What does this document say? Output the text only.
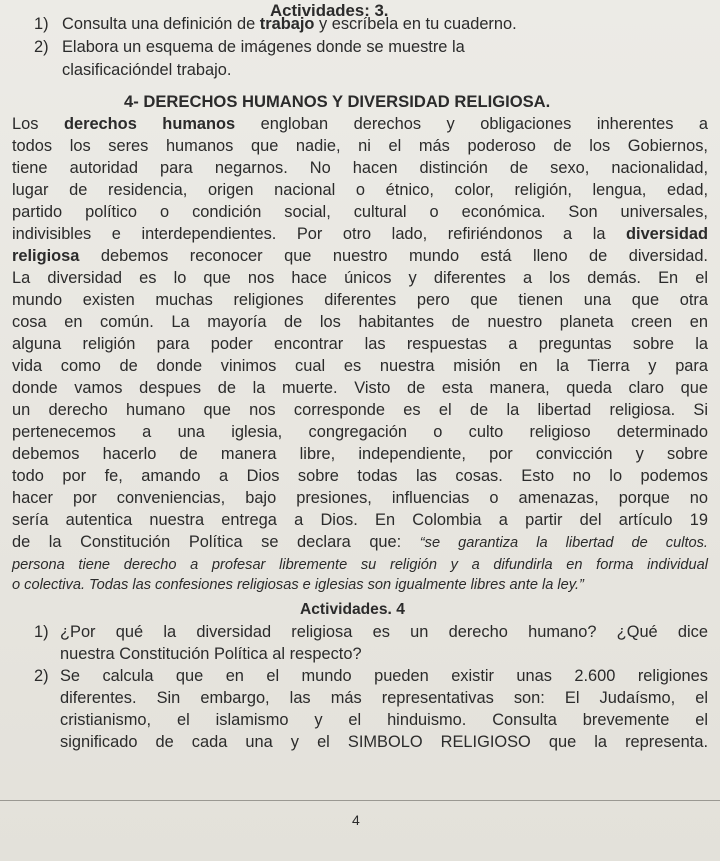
Actividades: 3.
1) Consulta una definición de trabajo y escríbela en tu cuaderno.
2) Elabora un esquema de imágenes donde se muestre la
clasificacióndel trabajo.
4- DERECHOS HUMANOS Y DIVERSIDAD RELIGIOSA.
Los derechos humanos engloban derechos y obligaciones inherentes a
todos los seres humanos que nadie, ni el más poderoso de los Gobiernos,
tiene autoridad para negarnos. No hacen distinción de sexo, nacionalidad,
lugar de residencia, origen nacional o étnico, color, religión, lengua, edad,
partido político o condición social, cultural o económica. Son universales,
indivisibles e interdependientes. Por otro lado, refiriéndonos a la diversidad
religiosa debemos reconocer que nuestro mundo está lleno de diversidad.
La diversidad es lo que nos hace únicos y diferentes a los demás. En el
mundo existen muchas religiones diferentes pero que tienen una que otra
cosa en común. La mayoría de los habitantes de nuestro planeta creen en
alguna religión para poder encontrar las respuestas a preguntas sobre la
vida como de donde vinimos cual es nuestra misión en la Tierra y para
donde vamos despues de la muerte. Visto de esta manera, queda claro que
un derecho humano que nos corresponde es el de la libertad religiosa. Si
pertenecemos a una iglesia, congregación o culto religioso determinado
debemos hacerlo de manera libre, independiente, por convicción y sobre
todo por fe, amando a Dios sobre todas las cosas. Esto no lo podemos
hacer por conveniencias, bajo presiones, influencias o amenazas, porque no
sería autentica nuestra entrega a Dios. En Colombia a partir del artículo 19
de la Constitución Política se declara que: “se garantiza la libertad de cultos.
persona tiene derecho a profesar libremente su religión y a difundirla en forma individual
o colectiva. Todas las confesiones religiosas e iglesias son igualmente libres ante la ley.”
Actividades. 4
1) ¿Por qué la diversidad religiosa es un derecho humano? ¿Qué dice
nuestra Constitución Política al respecto?
2) Se calcula que en el mundo pueden existir unas 2.600 religiones
diferentes. Sin embargo, las más representativas son: El Judaísmo, el
cristianismo, el islamismo y el hinduismo. Consulta brevemente el
significado de cada una y el SIMBOLO RELIGIOSO que la representa.
4
